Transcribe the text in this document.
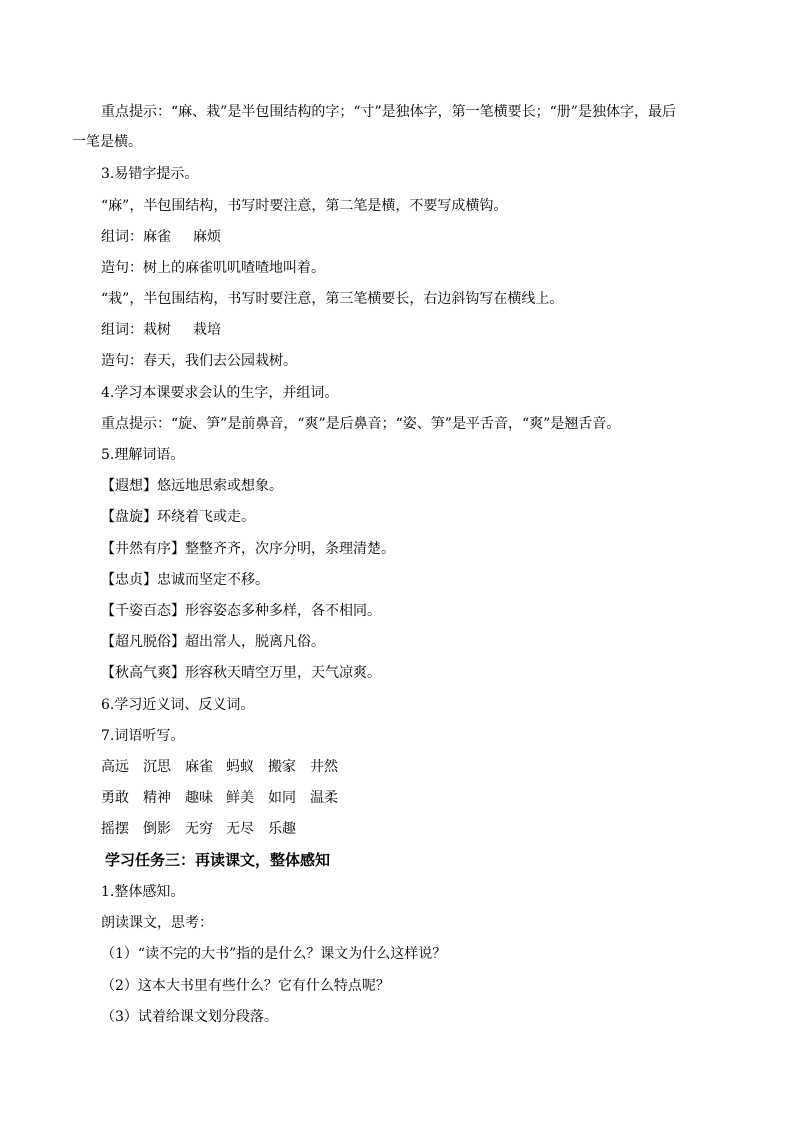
重点提示：“麻、栽”是半包围结构的字；“寸”是独体字，第一笔横要长；“册”是独体字，最后
一笔是横。
3.易错字提示。
“麻”，半包围结构，书写时要注意，第二笔是横，不要写成横钩。
组词： 麻雀 麻烦
造句：树上的麻雀叽叽喳喳地叫着。
“栽”，半包围结构，书写时要注意，第三笔横要长，右边斜钩写在横线上。
组词： 栽树 栽培
造句：春天，我们去公园栽树。
4.学习本课要求会认的生字，并组词。
重点提示：“旋、笋”是前鼻音，“爽”是后鼻音；“姿、笋”是平舌音，“爽”是翘舌音。
5.理解词语。
【遐想】悠远地思索或想象。
【盘旋】环绕着飞或走。
【井然有序】整整齐齐，次序分明，条理清楚。
【忠贞】忠诚而坚定不移。
【千姿百态】形容姿态多种多样，各不相同。
【超凡脱俗】超出常人，脱离凡俗。
【秋高气爽】形容秋天晴空万里，天气凉爽。
6.学习近义词、反义词。
7.词语听写。
高远 沉思 麻雀 蚂蚁 搬家 井然
勇敢 精神 趣味 鲜美 如同 温柔
摇摆 倒影 无穷 无尽 乐趣
学习任务三：再读课文，整体感知
1.整体感知。
朗读课文，思考：
（1）“读不完的大书”指的是什么？课文为什么这样说？
（2）这本大书里有些什么？它有什么特点呢？
（3）试着给课文划分段落。
